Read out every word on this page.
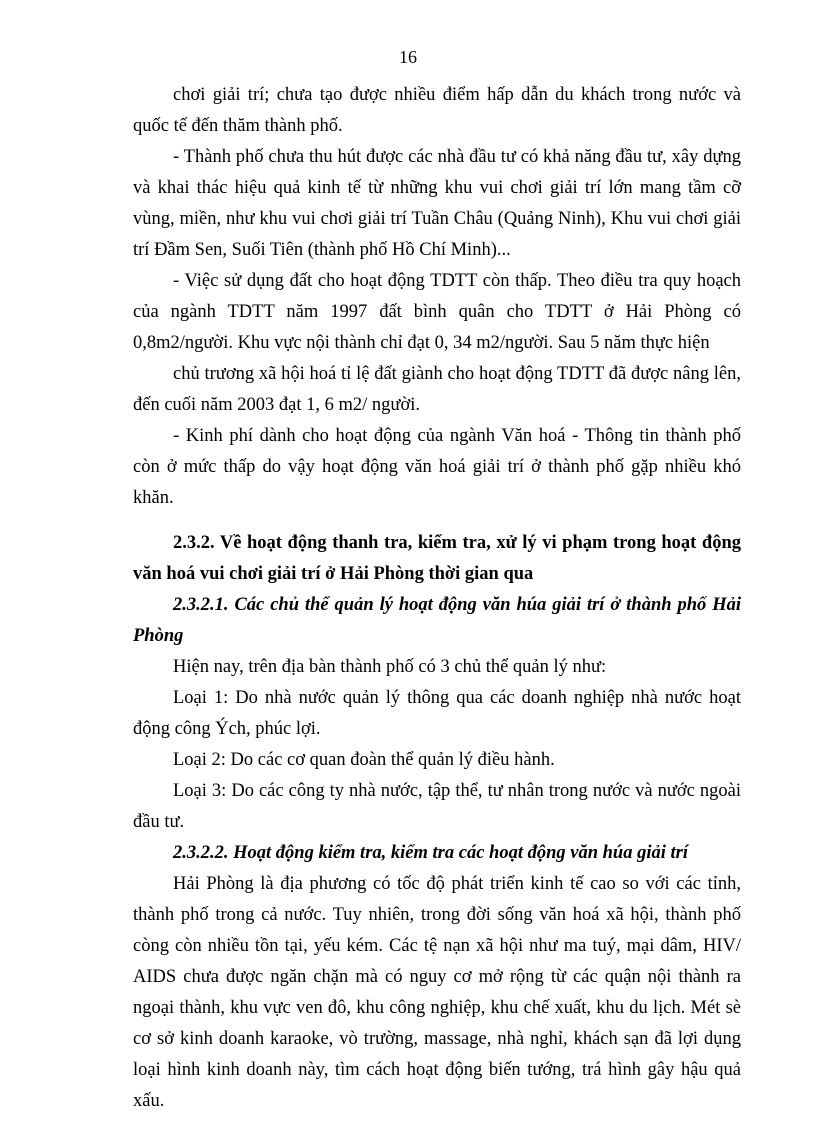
16

chơi giải trí; chưa tạo được nhiều điểm hấp dẫn du khách trong nước và quốc tế đến thăm thành phố.

- Thành phố chưa thu hút được các nhà đầu tư có khả năng đầu tư, xây dựng và khai thác hiệu quả kinh tế từ những khu vui chơi giải trí lớn mang tầm cỡ vùng, miền, như khu vui chơi giải trí Tuần Châu (Quảng Ninh), Khu vui chơi giải trí Đầm Sen, Suối Tiên (thành phố Hồ Chí Minh)...

- Việc sử dụng đất cho hoạt động TDTT còn thấp. Theo điều tra quy hoạch của ngành TDTT năm 1997 đất bình quân cho TDTT ở Hải Phòng có 0,8m2/người. Khu vực nội thành chỉ đạt 0, 34 m2/người. Sau 5 năm thực hiện

chủ trương xã hội hoá tỉ lệ đất giành cho hoạt động TDTT đã được nâng lên, đến cuối năm 2003 đạt 1, 6 m2/ người.

- Kinh phí dành cho hoạt động của ngành Văn hoá - Thông tin thành phố còn ở mức thấp do vậy hoạt động văn hoá giải trí ở thành phố gặp nhiều khó khăn.

2.3.2. Về hoạt động thanh tra, kiểm tra, xử lý vi phạm trong hoạt động văn hoá vui chơi giải trí ở Hải Phòng thời gian qua
2.3.2.1. Các chủ thể quản lý hoạt động văn húa giải trí ở thành phố Hải Phòng

Hiện nay, trên địa bàn thành phố có 3 chủ thể quản lý như:

Loại 1: Do nhà nước quản lý thông qua các doanh nghiệp nhà nước hoạt động công Ých, phúc lợi.

Loại 2: Do các cơ quan đoàn thể quản lý điều hành.

Loại 3: Do các công ty nhà nước, tập thể, tư nhân trong nước và nước ngoài đầu tư.

2.3.2.2. Hoạt động kiểm tra, kiểm tra các hoạt động văn húa giải trí

Hải Phòng là địa phương có tốc độ phát triển kinh tế cao so với các tỉnh, thành phố trong cả nước. Tuy nhiên, trong đời sống văn hoá xã hội, thành phố còng còn nhiều tồn tại, yếu kém. Các tệ nạn xã hội như ma tuý, mại dâm, HIV/ AIDS chưa được ngăn chặn mà có nguy cơ mở rộng từ các quận nội thành ra ngoại thành, khu vực ven đô, khu công nghiệp, khu chế xuất, khu du lịch. Mét sè cơ sở kinh doanh karaoke, vò trường, massage, nhà nghỉ, khách sạn đã lợi dụng loại hình kinh doanh này, tìm cách hoạt động biến tướng, trá hình gây hậu quả xấu.
